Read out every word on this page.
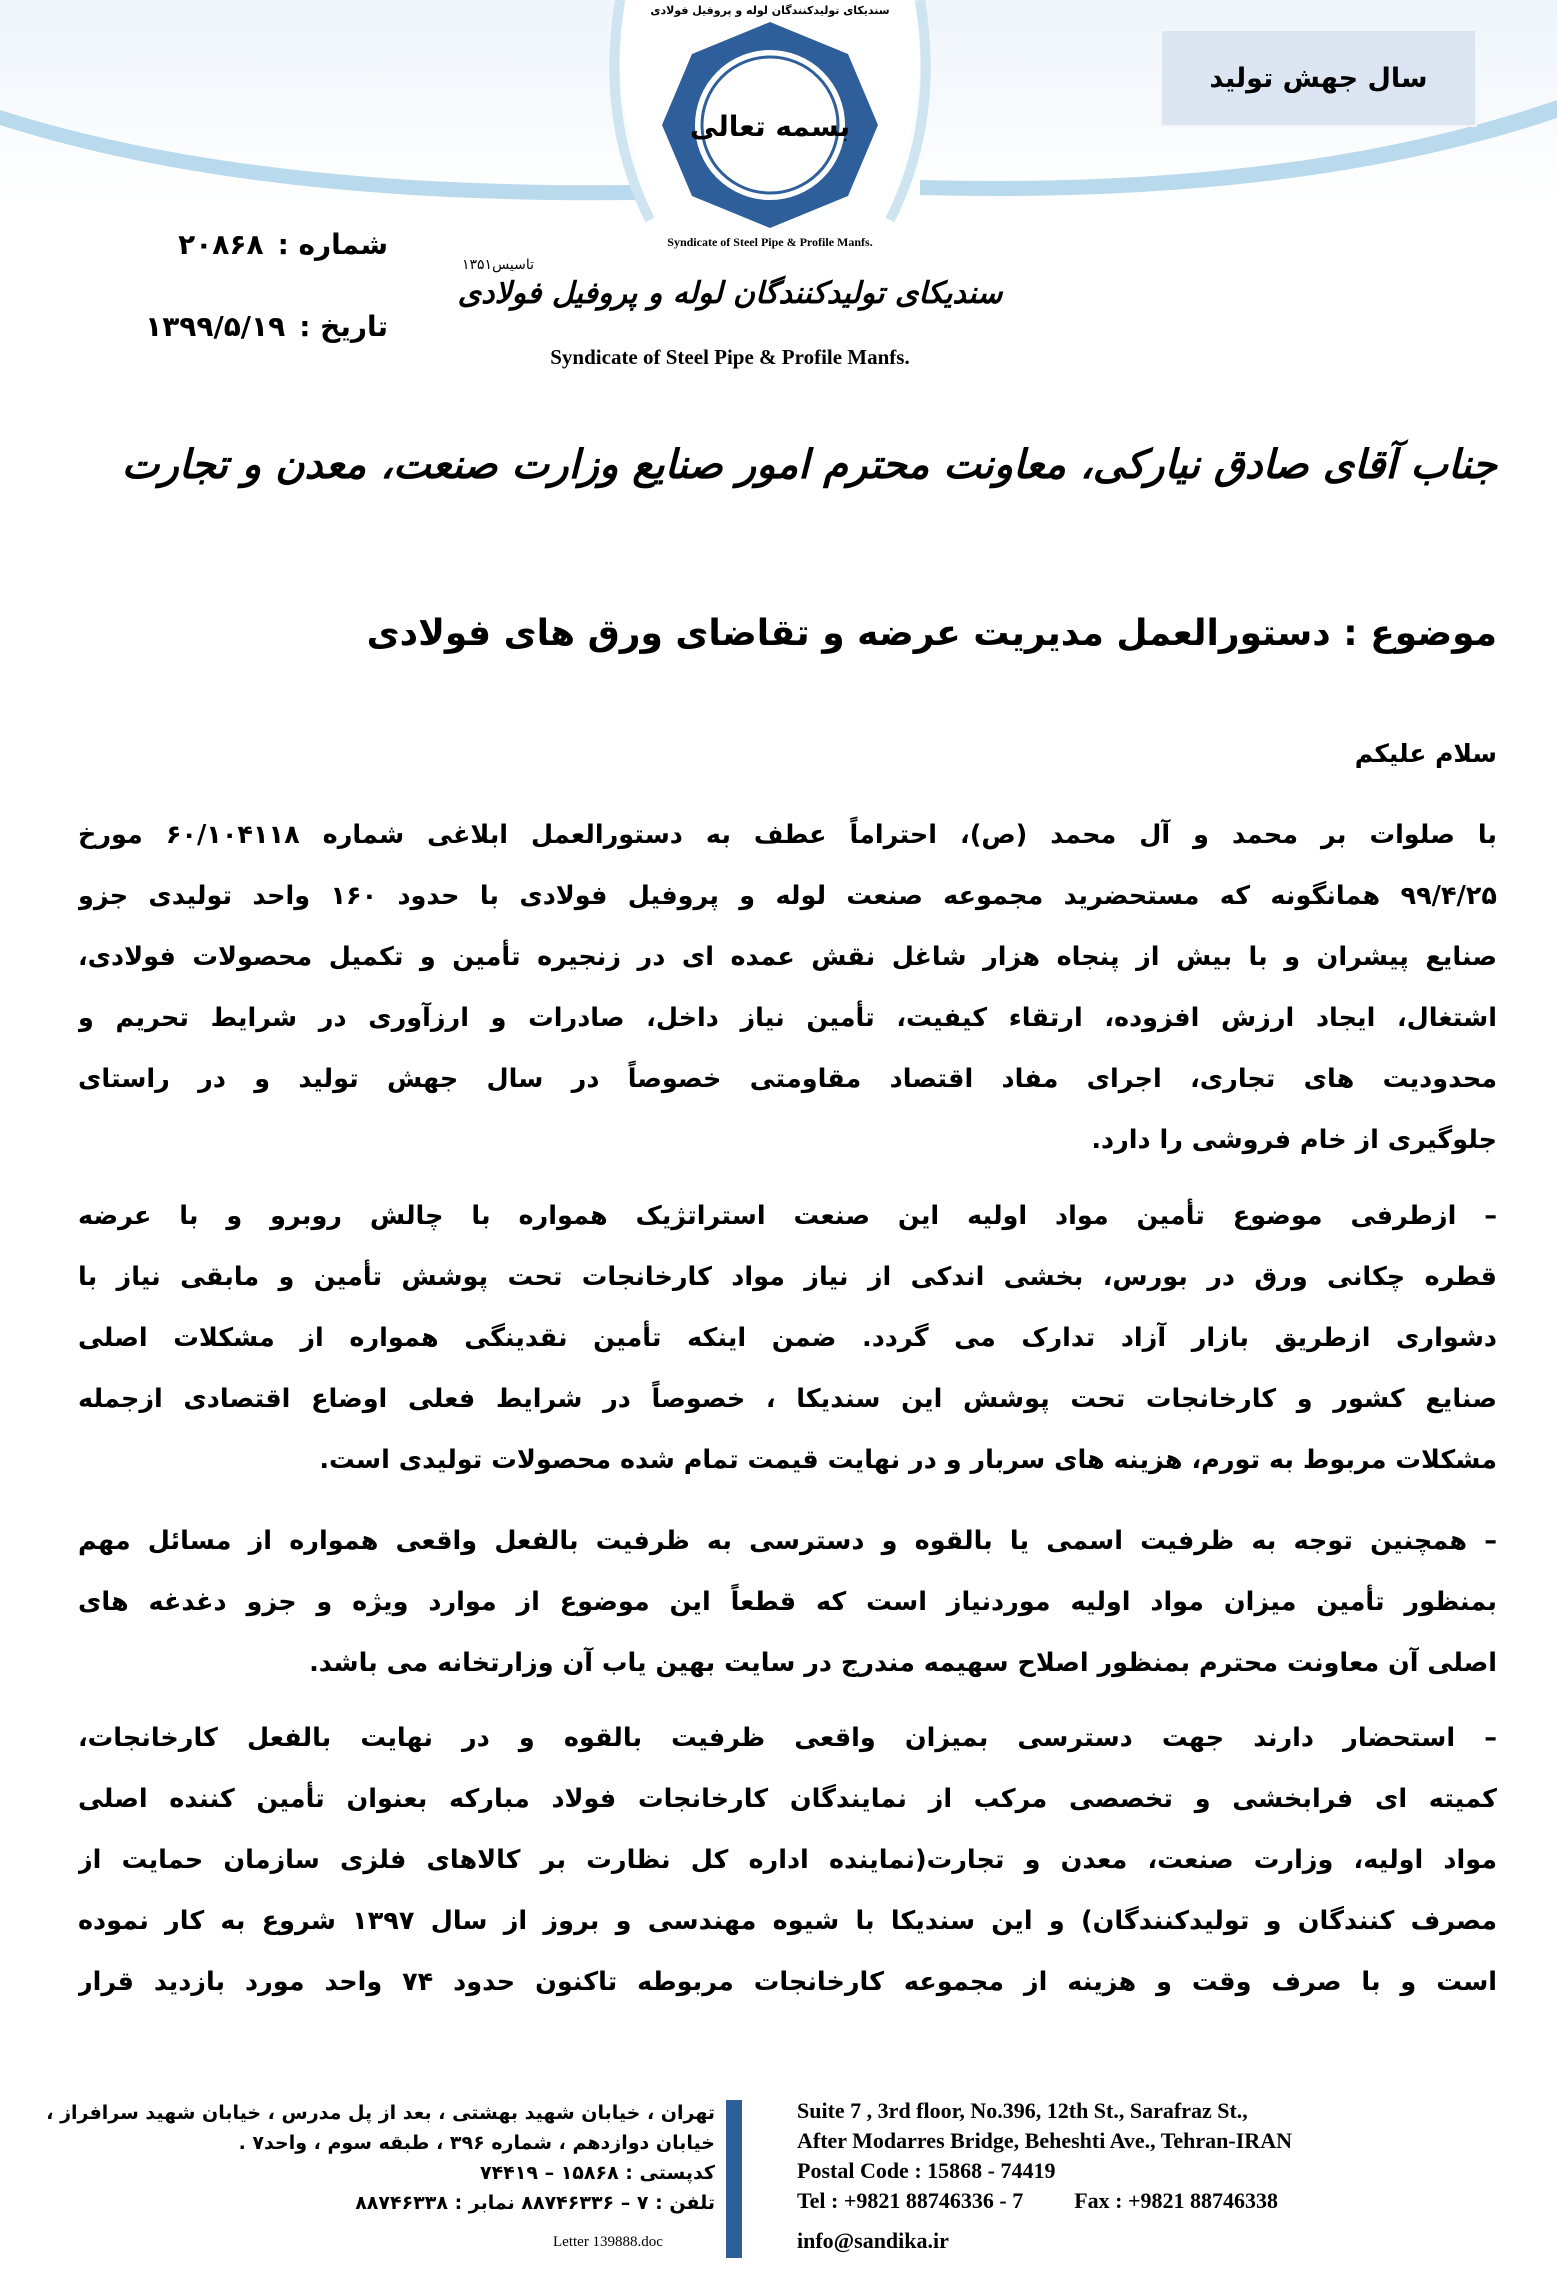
سال جهش تولید
بسمه تعالی
Syndicate of Steel Pipe & Profile Manfs.
سندیکای تولیدکنندگان لوله و پروفیل فولادی
تاسیس۱۳۵۱
سندیکای تولیدکنندگان لوله و پروفیل فولادی
Syndicate of Steel Pipe & Profile Manfs.
شماره :
۲۰۸۶۸
تاریخ :
۱۳۹۹/۵/۱۹
جناب آقای صادق نیارکی، معاونت محترم امور صنایع وزارت صنعت، معدن و تجارت
موضوع : دستورالعمل مدیریت عرضه و تقاضای ورق های فولادی
سلام علیکم
با صلوات بر محمد و آل محمد (ص)، احتراماً عطف به دستورالعمل ابلاغی شماره ۶۰/۱۰۴۱۱۸ مورخ
۹۹/۴/۲۵ همانگونه که مستحضرید مجموعه صنعت لوله و پروفیل فولادی با حدود ۱۶۰ واحد تولیدی جزو
صنایع پیشران و با بیش از پنجاه هزار شاغل نقش عمده ای در زنجیره تأمین و تکمیل محصولات فولادی،
اشتغال، ایجاد ارزش افزوده، ارتقاء کیفیت، تأمین نیاز داخل، صادرات و ارزآوری در شرایط تحریم و
محدودیت های تجاری، اجرای مفاد اقتصاد مقاومتی خصوصاً در سال جهش تولید و در راستای
جلوگیری از خام فروشی را دارد.
– ازطرفی موضوع تأمین مواد اولیه این صنعت استراتژیک همواره با چالش روبرو و با عرضه
قطره چکانی ورق در بورس، بخشی اندکی از نیاز مواد کارخانجات تحت پوشش تأمین و مابقی نیاز با
دشواری ازطریق بازار آزاد تدارک می گردد. ضمن اینکه تأمین نقدینگی همواره از مشکلات اصلی
صنایع کشور و کارخانجات تحت پوشش این سندیکا ، خصوصاً در شرایط فعلی اوضاع اقتصادی ازجمله
مشکلات مربوط به تورم، هزینه های سربار و در نهایت قیمت تمام شده محصولات تولیدی است.
– همچنین توجه به ظرفیت اسمی یا بالقوه و دسترسی به ظرفیت بالفعل واقعی همواره از مسائل مهم
بمنظور تأمین میزان مواد اولیه موردنیاز است که قطعاً این موضوع از موارد ویژه و جزو دغدغه های
اصلی آن معاونت محترم بمنظور اصلاح سهیمه مندرج در سایت بهین یاب آن وزارتخانه می باشد.
– استحضار دارند جهت دسترسی بمیزان واقعی ظرفیت بالقوه و در نهایت بالفعل کارخانجات،
کمیته ای فرابخشی و تخصصی مرکب از نمایندگان کارخانجات فولاد مبارکه بعنوان تأمین کننده اصلی
مواد اولیه، وزارت صنعت، معدن و تجارت(نماینده اداره کل نظارت بر کالاهای فلزی سازمان حمایت از
مصرف کنندگان و تولیدکنندگان) و این سندیکا با شیوه مهندسی و بروز از سال ۱۳۹۷ شروع به کار نموده
است و با صرف وقت و هزینه از مجموعه کارخانجات مربوطه تاکنون حدود ۷۴ واحد مورد بازدید قرار
تهران ، خیابان شهید بهشتی ، بعد از پل مدرس ، خیابان شهید سرافراز ،
خیابان دوازدهم ، شماره ۳۹۶ ، طبقه سوم ، واحد۷ .
کدپستی : ۱۵۸۶۸ – ۷۴۴۱۹
تلفن : ۷ – ۸۸۷۴۶۳۳۶ نمابر : ۸۸۷۴۶۳۳۸
Letter 139888.doc
Suite 7 , 3rd floor, No.396, 12th St., Sarafraz St.,
After Modarres Bridge, Beheshti Ave., Tehran-IRAN
Postal Code : 15868 - 74419
Tel : +9821 88746336 - 7 Fax : +9821 88746338
info@sandika.ir
